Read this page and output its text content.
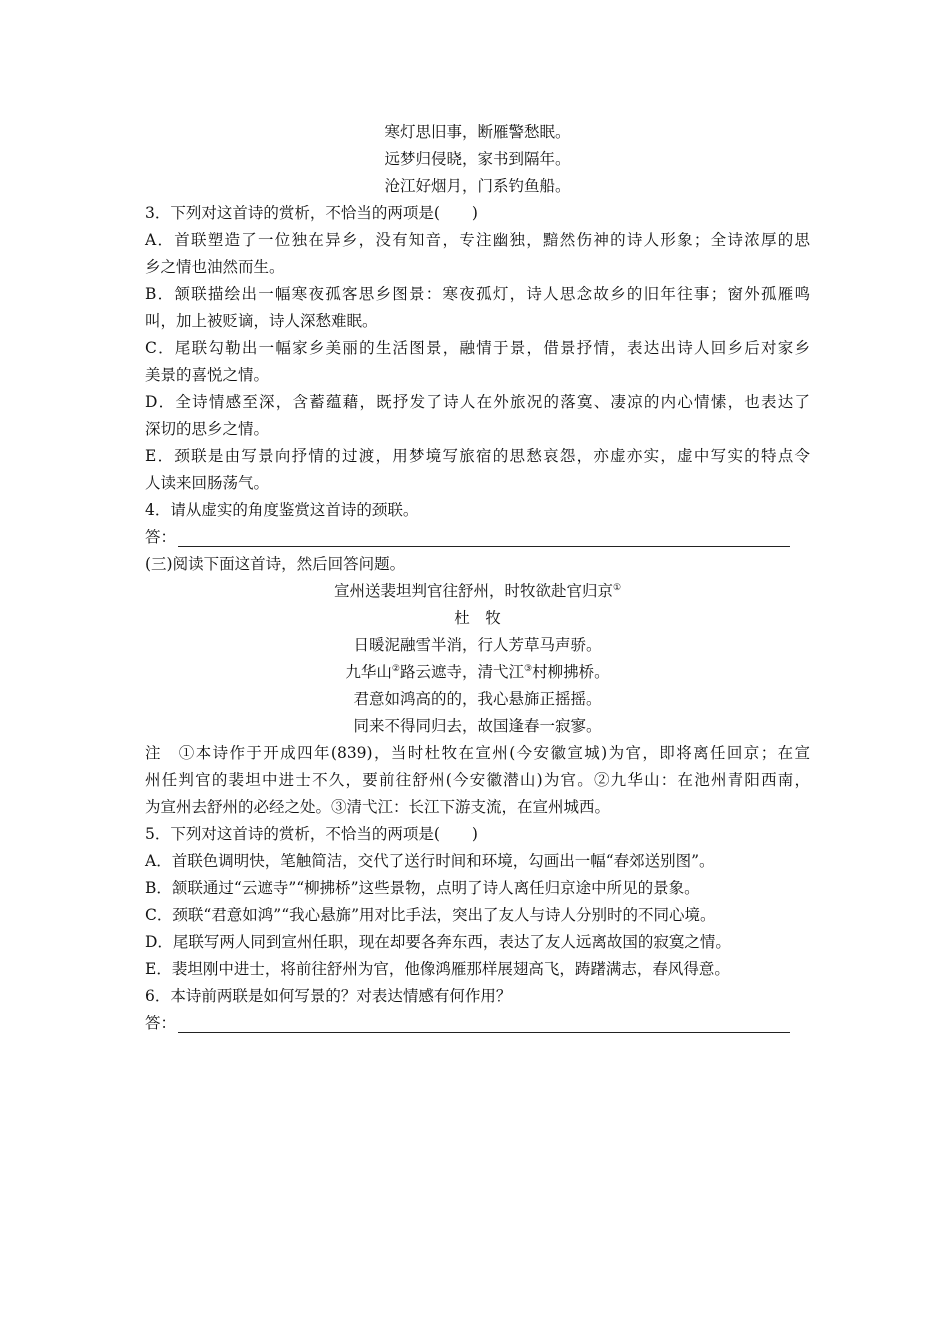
寒灯思旧事，断雁警愁眠。
远梦归侵晓，家书到隔年。
沧江好烟月，门系钓鱼船。
3．下列对这首诗的赏析，不恰当的两项是( )
A．首联塑造了一位独在异乡，没有知音，专注幽独，黯然伤神的诗人形象；全诗浓厚的思
乡之情也油然而生。
B．颔联描绘出一幅寒夜孤客思乡图景：寒夜孤灯，诗人思念故乡的旧年往事；窗外孤雁鸣
叫，加上被贬谪，诗人深愁难眠。
C．尾联勾勒出一幅家乡美丽的生活图景，融情于景，借景抒情，表达出诗人回乡后对家乡
美景的喜悦之情。
D．全诗情感至深，含蓄蕴藉，既抒发了诗人在外旅况的落寞、凄凉的内心情愫，也表达了
深切的思乡之情。
E．颈联是由写景向抒情的过渡，用梦境写旅宿的思愁哀怨，亦虚亦实，虚中写实的特点令
人读来回肠荡气。
4．请从虚实的角度鉴赏这首诗的颈联。
答：
(三)阅读下面这首诗，然后回答问题。
宣州送裴坦判官往舒州，时牧欲赴官归京①
杜　牧
日暖泥融雪半消，行人芳草马声骄。
九华山②路云遮寺，清弋江③村柳拂桥。
君意如鸿高的的，我心悬旆正摇摇。
同来不得同归去，故国逢春一寂寥。
注　①本诗作于开成四年(839)，当时杜牧在宣州(今安徽宣城)为官，即将离任回京；在宣
州任判官的裴坦中进士不久，要前往舒州(今安徽潜山)为官。②九华山：在池州青阳西南，
为宣州去舒州的必经之处。③清弋江：长江下游支流，在宣州城西。
5．下列对这首诗的赏析，不恰当的两项是( )
A．首联色调明快，笔触简洁，交代了送行时间和环境，勾画出一幅“春郊送别图”。
B．颔联通过“云遮寺”“柳拂桥”这些景物，点明了诗人离任归京途中所见的景象。
C．颈联“君意如鸿”“我心悬旆”用对比手法，突出了友人与诗人分别时的不同心境。
D．尾联写两人同到宣州任职，现在却要各奔东西，表达了友人远离故国的寂寞之情。
E．裴坦刚中进士，将前往舒州为官，他像鸿雁那样展翅高飞，踌躇满志，春风得意。
6．本诗前两联是如何写景的？对表达情感有何作用？
答：
